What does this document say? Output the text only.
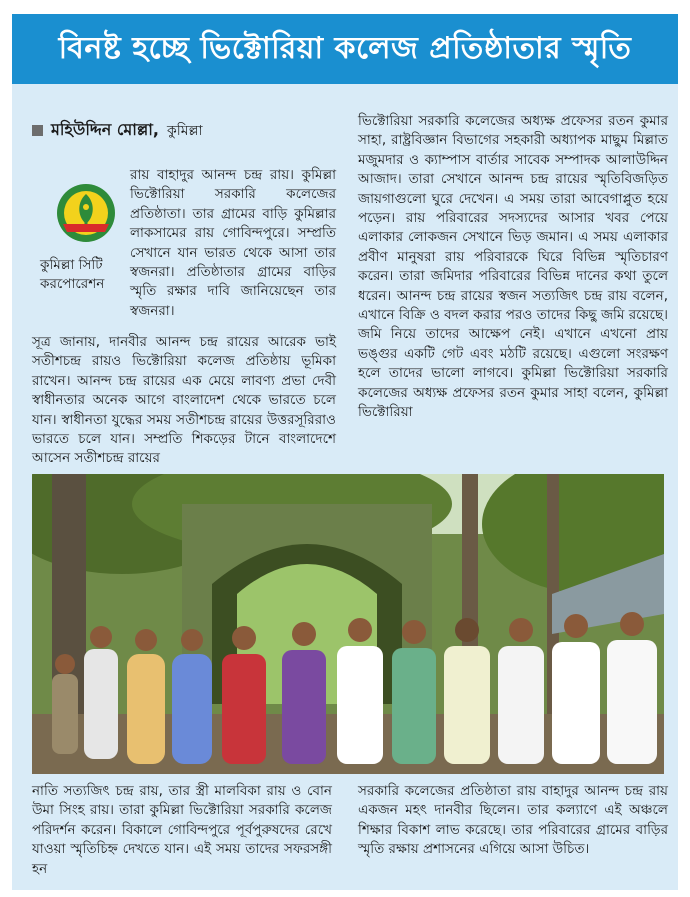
বিনষ্ট হচ্ছে ভিক্টোরিয়া কলেজ প্রতিষ্ঠাতার স্মৃতি
মহিউদ্দিন মোল্লা, কুমিল্লা
কুমিল্লা সিটি করপোরেশন
রায় বাহাদুর আনন্দ চন্দ্র রায়। কুমিল্লা ভিক্টোরিয়া সরকারি কলেজের প্রতিষ্ঠাতা। তার গ্রামের বাড়ি কুমিল্লার লাকসামের রায় গোবিন্দপুরে। সম্প্রতি সেখানে যান ভারত থেকে আসা তার স্বজনরা। প্রতিষ্ঠাতার গ্রামের বাড়ির স্মৃতি রক্ষার দাবি জানিয়েছেন তার স্বজনরা।
সূত্র জানায়, দানবীর আনন্দ চন্দ্র রায়ের আরেক ভাই সতীশচন্দ্র রায়ও ভিক্টোরিয়া কলেজ প্রতিষ্ঠায় ভূমিকা রাখেন। আনন্দ চন্দ্র রায়ের এক মেয়ে লাবণ্য প্রভা দেবী স্বাধীনতার অনেক আগে বাংলাদেশ থেকে ভারতে চলে যান। স্বাধীনতা যুদ্ধের সময় সতীশচন্দ্র রায়ের উত্তরসূরিরাও ভারতে চলে যান। সম্প্রতি শিকড়ের টানে বাংলাদেশে আসেন সতীশচন্দ্র রায়ের
ভিক্টোরিয়া সরকারি কলেজের অধ্যক্ষ প্রফেসর রতন কুমার সাহা, রাষ্ট্রবিজ্ঞান বিভাগের সহকারী অধ্যাপক মাছুম মিল্লাত মজুমদার ও ক্যাম্পাস বার্তার সাবেক সম্পাদক আলাউদ্দিন আজাদ। তারা সেখানে আনন্দ চন্দ্র রায়ের স্মৃতিবিজড়িত জায়গাগুলো ঘুরে দেখেন। এ সময় তারা আবেগাপ্লুত হয়ে পড়েন। রায় পরিবারের সদস্যদের আসার খবর পেয়ে এলাকার লোকজন সেখানে ভিড় জমান। এ সময় এলাকার প্রবীণ মানুষরা রায় পরিবারকে ঘিরে বিভিন্ন স্মৃতিচারণ করেন। তারা জমিদার পরিবারের বিভিন্ন দানের কথা তুলে ধরেন। আনন্দ চন্দ্র রায়ের স্বজন সত্যজিৎ চন্দ্র রায় বলেন, এখানে বিক্রি ও বদল করার পরও তাদের কিছু জমি রয়েছে। জমি নিয়ে তাদের আক্ষেপ নেই। এখানে এখনো প্রায় ভঙ্গুর একটি গেট এবং মঠটি রয়েছে। এগুলো সংরক্ষণ হলে তাদের ভালো লাগবে। কুমিল্লা ভিক্টোরিয়া সরকারি কলেজের অধ্যক্ষ প্রফেসর রতন কুমার সাহা বলেন, কুমিল্লা ভিক্টোরিয়া
নাতি সত্যজিৎ চন্দ্র রায়, তার স্ত্রী মালবিকা রায় ও বোন উমা সিংহ রায়। তারা কুমিল্লা ভিক্টোরিয়া সরকারি কলেজ পরিদর্শন করেন। বিকালে গোবিন্দপুরে পূর্বপুরুষদের রেখে যাওয়া স্মৃতিচিহ্ন দেখতে যান। এই সময় তাদের সফরসঙ্গী হন
সরকারি কলেজের প্রতিষ্ঠাতা রায় বাহাদুর আনন্দ চন্দ্র রায় একজন মহৎ দানবীর ছিলেন। তার কল্যাণে এই অঞ্চলে শিক্ষার বিকাশ লাভ করেছে। তার পরিবারের গ্রামের বাড়ির স্মৃতি রক্ষায় প্রশাসনের এগিয়ে আসা উচিত।
